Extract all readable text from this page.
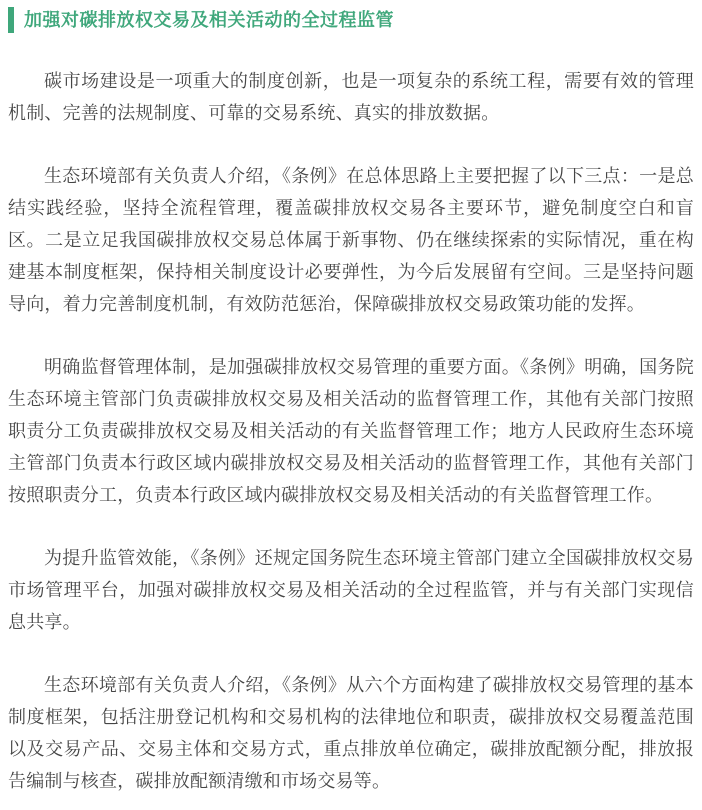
加强对碳排放权交易及相关活动的全过程监管

碳市场建设是一项重大的制度创新，也是一项复杂的系统工程，需要有效的管理机制、完善的法规制度、可靠的交易系统、真实的排放数据。

生态环境部有关负责人介绍，《条例》在总体思路上主要把握了以下三点：一是总结实践经验，坚持全流程管理，覆盖碳排放权交易各主要环节，避免制度空白和盲区。二是立足我国碳排放权交易总体属于新事物、仍在继续探索的实际情况，重在构建基本制度框架，保持相关制度设计必要弹性，为今后发展留有空间。三是坚持问题导向，着力完善制度机制，有效防范惩治，保障碳排放权交易政策功能的发挥。

明确监督管理体制，是加强碳排放权交易管理的重要方面。《条例》明确，国务院生态环境主管部门负责碳排放权交易及相关活动的监督管理工作，其他有关部门按照职责分工负责碳排放权交易及相关活动的有关监督管理工作；地方人民政府生态环境主管部门负责本行政区域内碳排放权交易及相关活动的监督管理工作，其他有关部门按照职责分工，负责本行政区域内碳排放权交易及相关活动的有关监督管理工作。

为提升监管效能，《条例》还规定国务院生态环境主管部门建立全国碳排放权交易市场管理平台，加强对碳排放权交易及相关活动的全过程监管，并与有关部门实现信息共享。

生态环境部有关负责人介绍，《条例》从六个方面构建了碳排放权交易管理的基本制度框架，包括注册登记机构和交易机构的法律地位和职责，碳排放权交易覆盖范围以及交易产品、交易主体和交易方式，重点排放单位确定，碳排放配额分配，排放报告编制与核查，碳排放配额清缴和市场交易等。
